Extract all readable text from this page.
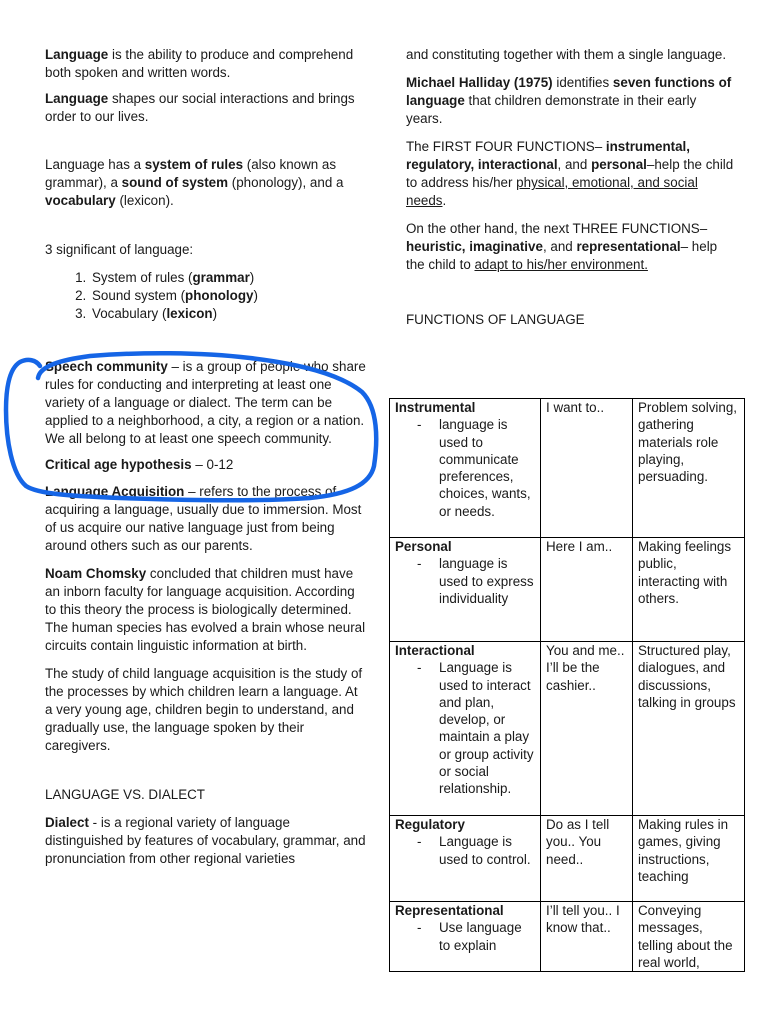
Language is the ability to produce and comprehend both spoken and written words.

Language shapes our social interactions and brings order to our lives.

Language has a system of rules (also known as grammar), a sound of system (phonology), and a vocabulary (lexicon).

3 significant of language:

1. System of rules (grammar)
2. Sound system (phonology)
3. Vocabulary (lexicon)

Speech community – is a group of people who share rules for conducting and interpreting at least one variety of a language or dialect. The term can be applied to a neighborhood, a city, a region or a nation. We all belong to at least one speech community.

Critical age hypothesis – 0-12

Language Acquisition – refers to the process of acquiring a language, usually due to immersion. Most of us acquire our native language just from being around others such as our parents.

Noam Chomsky concluded that children must have an inborn faculty for language acquisition. According to this theory the process is biologically determined. The human species has evolved a brain whose neural circuits contain linguistic information at birth.

The study of child language acquisition is the study of the processes by which children learn a language. At a very young age, children begin to understand, and gradually use, the language spoken by their caregivers.

LANGUAGE VS. DIALECT

Dialect - is a regional variety of language distinguished by features of vocabulary, grammar, and pronunciation from other regional varieties

and constituting together with them a single language.

Michael Halliday (1975) identifies seven functions of language that children demonstrate in their early years.

The FIRST FOUR FUNCTIONS– instrumental, regulatory, interactional, and personal–help the child to address his/her physical, emotional, and social needs.

On the other hand, the next THREE FUNCTIONS– heuristic, imaginative, and representational– help the child to adapt to his/her environment.

FUNCTIONS OF LANGUAGE

Instrumental
- language is used to communicate preferences, choices, wants, or needs.	I want to..	Problem solving, gathering materials role playing, persuading.
Personal
- language is used to express individuality	Here I am..	Making feelings public, interacting with others.
Interactional
- Language is used to interact and plan, develop, or maintain a play or group activity or social relationship.	You and me.. I’ll be the cashier..	Structured play, dialogues, and discussions, talking in groups
Regulatory
- Language is used to control.	Do as I tell you.. You need..	Making rules in games, giving instructions, teaching
Representational
- Use language to explain	I’ll tell you.. I know that..	Conveying messages, telling about the real world,
